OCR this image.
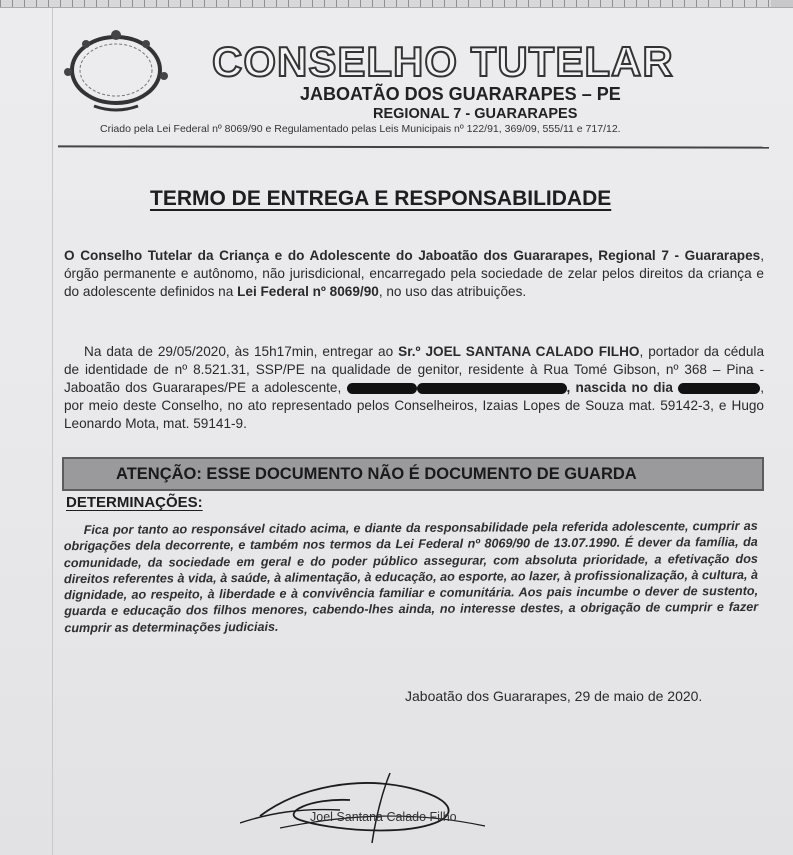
CONSELHO TUTELAR
JABOATÃO DOS GUARARAPES – PE
REGIONAL 7 - GUARARAPES
Criado pela Lei Federal nº 8069/90 e Regulamentado pelas Leis Municipais nº 122/91, 369/09, 555/11 e 717/12.
TERMO DE ENTREGA E RESPONSABILIDADE
O Conselho Tutelar da Criança e do Adolescente do Jaboatão dos Guararapes, Regional 7 - Guararapes, órgão permanente e autônomo, não jurisdicional, encarregado pela sociedade de zelar pelos direitos da criança e do adolescente definidos na Lei Federal nº 8069/90, no uso das atribuições.
Na data de 29/05/2020, às 15h17min, entregar ao Sr.º JOEL SANTANA CALADO FILHO, portador da cédula de identidade de nº 8.521.31, SSP/PE na qualidade de genitor, residente à Rua Tomé Gibson, nº 368 – Pina - Jaboatão dos Guararapes/PE a adolescente,	, nascida no dia	, por meio deste Conselho, no ato representado pelos Conselheiros, Izaias Lopes de Souza mat. 59142-3, e Hugo Leonardo Mota, mat. 59141-9.
ATENÇÃO: ESSE DOCUMENTO NÃO É DOCUMENTO DE GUARDA
DETERMINAÇÕES:
Fica por tanto ao responsável citado acima, e diante da responsabilidade pela referida adolescente, cumprir as obrigações dela decorrente, e também nos termos da Lei Federal nº 8069/90 de 13.07.1990. É dever da família, da comunidade, da sociedade em geral e do poder público assegurar, com absoluta prioridade, a efetivação dos direitos referentes à vida, à saúde, à alimentação, à educação, ao esporte, ao lazer, à profissionalização, à cultura, à dignidade, ao respeito, à liberdade e à convivência familiar e comunitária. Aos pais incumbe o dever de sustento, guarda e educação dos filhos menores, cabendo-lhes ainda, no interesse destes, a obrigação de cumprir e fazer cumprir as determinações judiciais.
Jaboatão dos Guararapes, 29 de maio de 2020.
Joel Santana Calado Filho
